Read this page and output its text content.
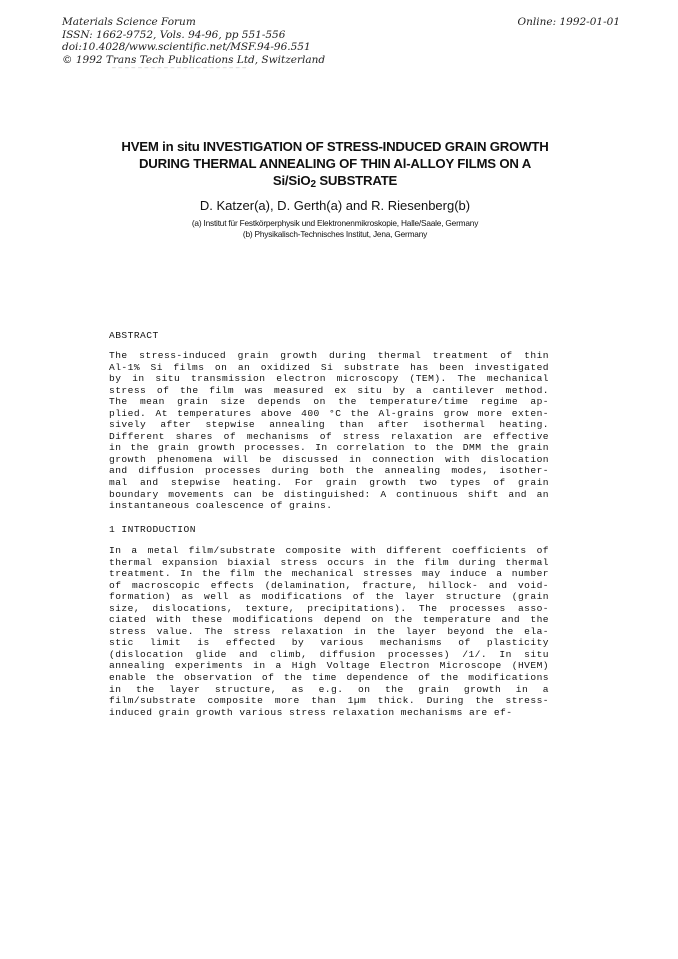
Materials Science Forum
ISSN: 1662-9752, Vols. 94-96, pp 551-556
doi:10.4028/www.scientific.net/MSF.94-96.551
© 1992 Trans Tech Publications Ltd, Switzerland
Online: 1992-01-01
─ ─ ─ ─ ─ ─ ─ ─ ─ ─ ─ ─ ─ ─ ─ ─ ─ ─ ─ ─ ─
HVEM in situ INVESTIGATION OF STRESS-INDUCED GRAIN GROWTH
DURING THERMAL ANNEALING OF THIN Al-ALLOY FILMS ON A
Si/SiO$_2$ SUBSTRATE
D. Katzer(a), D. Gerth(a) and R. Riesenberg(b)
(a) Institut für Festkörperphysik und Elektronenmikroskopie, Halle/Saale, Germany
(b) Physikalisch-Technisches Institut, Jena, Germany
ABSTRACT
The stress-induced grain growth during thermal treatment of thin
Al-1% Si films on an oxidized Si substrate has been investigated
by in situ transmission electron microscopy (TEM). The mechanical
stress of the film was measured ex situ by a cantilever method.
The mean grain size depends on the temperature/time regime ap-
plied. At temperatures above 400 °C the Al-grains grow more exten-
sively after stepwise annealing than after isothermal heating.
Different shares of mechanisms of stress relaxation are effective
in the grain growth processes. In correlation to the DMM the grain
growth phenomena will be discussed in connection with dislocation
and diffusion processes during both the annealing modes, isother-
mal and stepwise heating. For grain growth two types of grain
boundary movements can be distinguished: A continuous shift and an
instantaneous coalescence of grains.
1 INTRODUCTION
In a metal film/substrate composite with different coefficients of
thermal expansion biaxial stress occurs in the film during thermal
treatment. In the film the mechanical stresses may induce a number
of macroscopic effects (delamination, fracture, hillock- and void-
formation) as well as modifications of the layer structure (grain
size, dislocations, texture, precipitations). The processes asso-
ciated with these modifications depend on the temperature and the
stress value. The stress relaxation in the layer beyond the ela-
stic limit is effected by various mechanisms of plasticity
(dislocation glide and climb, diffusion processes) /1/. In situ
annealing experiments in a High Voltage Electron Microscope (HVEM)
enable the observation of the time dependence of the modifications
in the layer structure, as e.g. on the grain growth in a
film/substrate composite more than 1µm thick. During the stress-
induced grain growth various stress relaxation mechanisms are ef-
